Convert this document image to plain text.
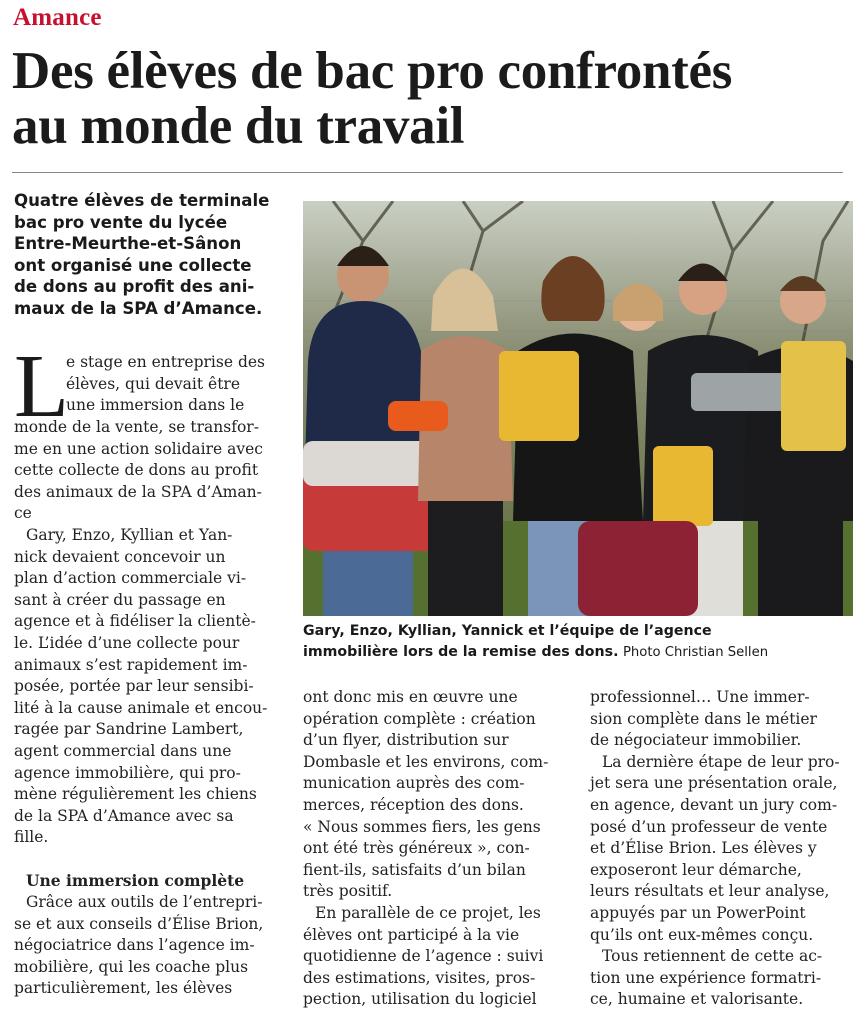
Amance
Des élèves de bac pro confrontés
au monde du travail
Quatre élèves de terminale
bac pro vente du lycée
Entre-Meurthe-et-Sânon
ont organisé une collecte
de dons au profit des ani-
maux de la SPA d’Amance.
L
e stage en entreprise des
élèves, qui devait être
une immersion dans le
monde de la vente, se transfor-
me en une action solidaire avec
cette collecte de dons au profit
des animaux de la SPA d’Aman-
ce
Gary, Enzo, Kyllian et Yan-
nick devaient concevoir un
plan d’action commerciale vi-
sant à créer du passage en
agence et à fidéliser la clientè-
le. L’idée d’une collecte pour
animaux s’est rapidement im-
posée, portée par leur sensibi-
lité à la cause animale et encou-
ragée par Sandrine Lambert,
agent commercial dans une
agence immobilière, qui pro-
mène régulièrement les chiens
de la SPA d’Amance avec sa
fille.
Une immersion complète
Grâce aux outils de l’entrepri-
se et aux conseils d’Élise Brion,
négociatrice dans l’agence im-
mobilière, qui les coache plus
particulièrement, les élèves
Gary, Enzo, Kyllian, Yannick et l’équipe de l’agence
immobilière lors de la remise des dons. Photo Christian Sellen
ont donc mis en œuvre une
opération complète : création
d’un flyer, distribution sur
Dombasle et les environs, com-
munication auprès des com-
merces, réception des dons.
« Nous sommes fiers, les gens
ont été très généreux », con-
fient-ils, satisfaits d’un bilan
très positif.
En parallèle de ce projet, les
élèves ont participé à la vie
quotidienne de l’agence : suivi
des estimations, visites, pros-
pection, utilisation du logiciel
professionnel… Une immer-
sion complète dans le métier
de négociateur immobilier.
La dernière étape de leur pro-
jet sera une présentation orale,
en agence, devant un jury com-
posé d’un professeur de vente
et d’Élise Brion. Les élèves y
exposeront leur démarche,
leurs résultats et leur analyse,
appuyés par un PowerPoint
qu’ils ont eux-mêmes conçu.
Tous retiennent de cette ac-
tion une expérience formatri-
ce, humaine et valorisante.
